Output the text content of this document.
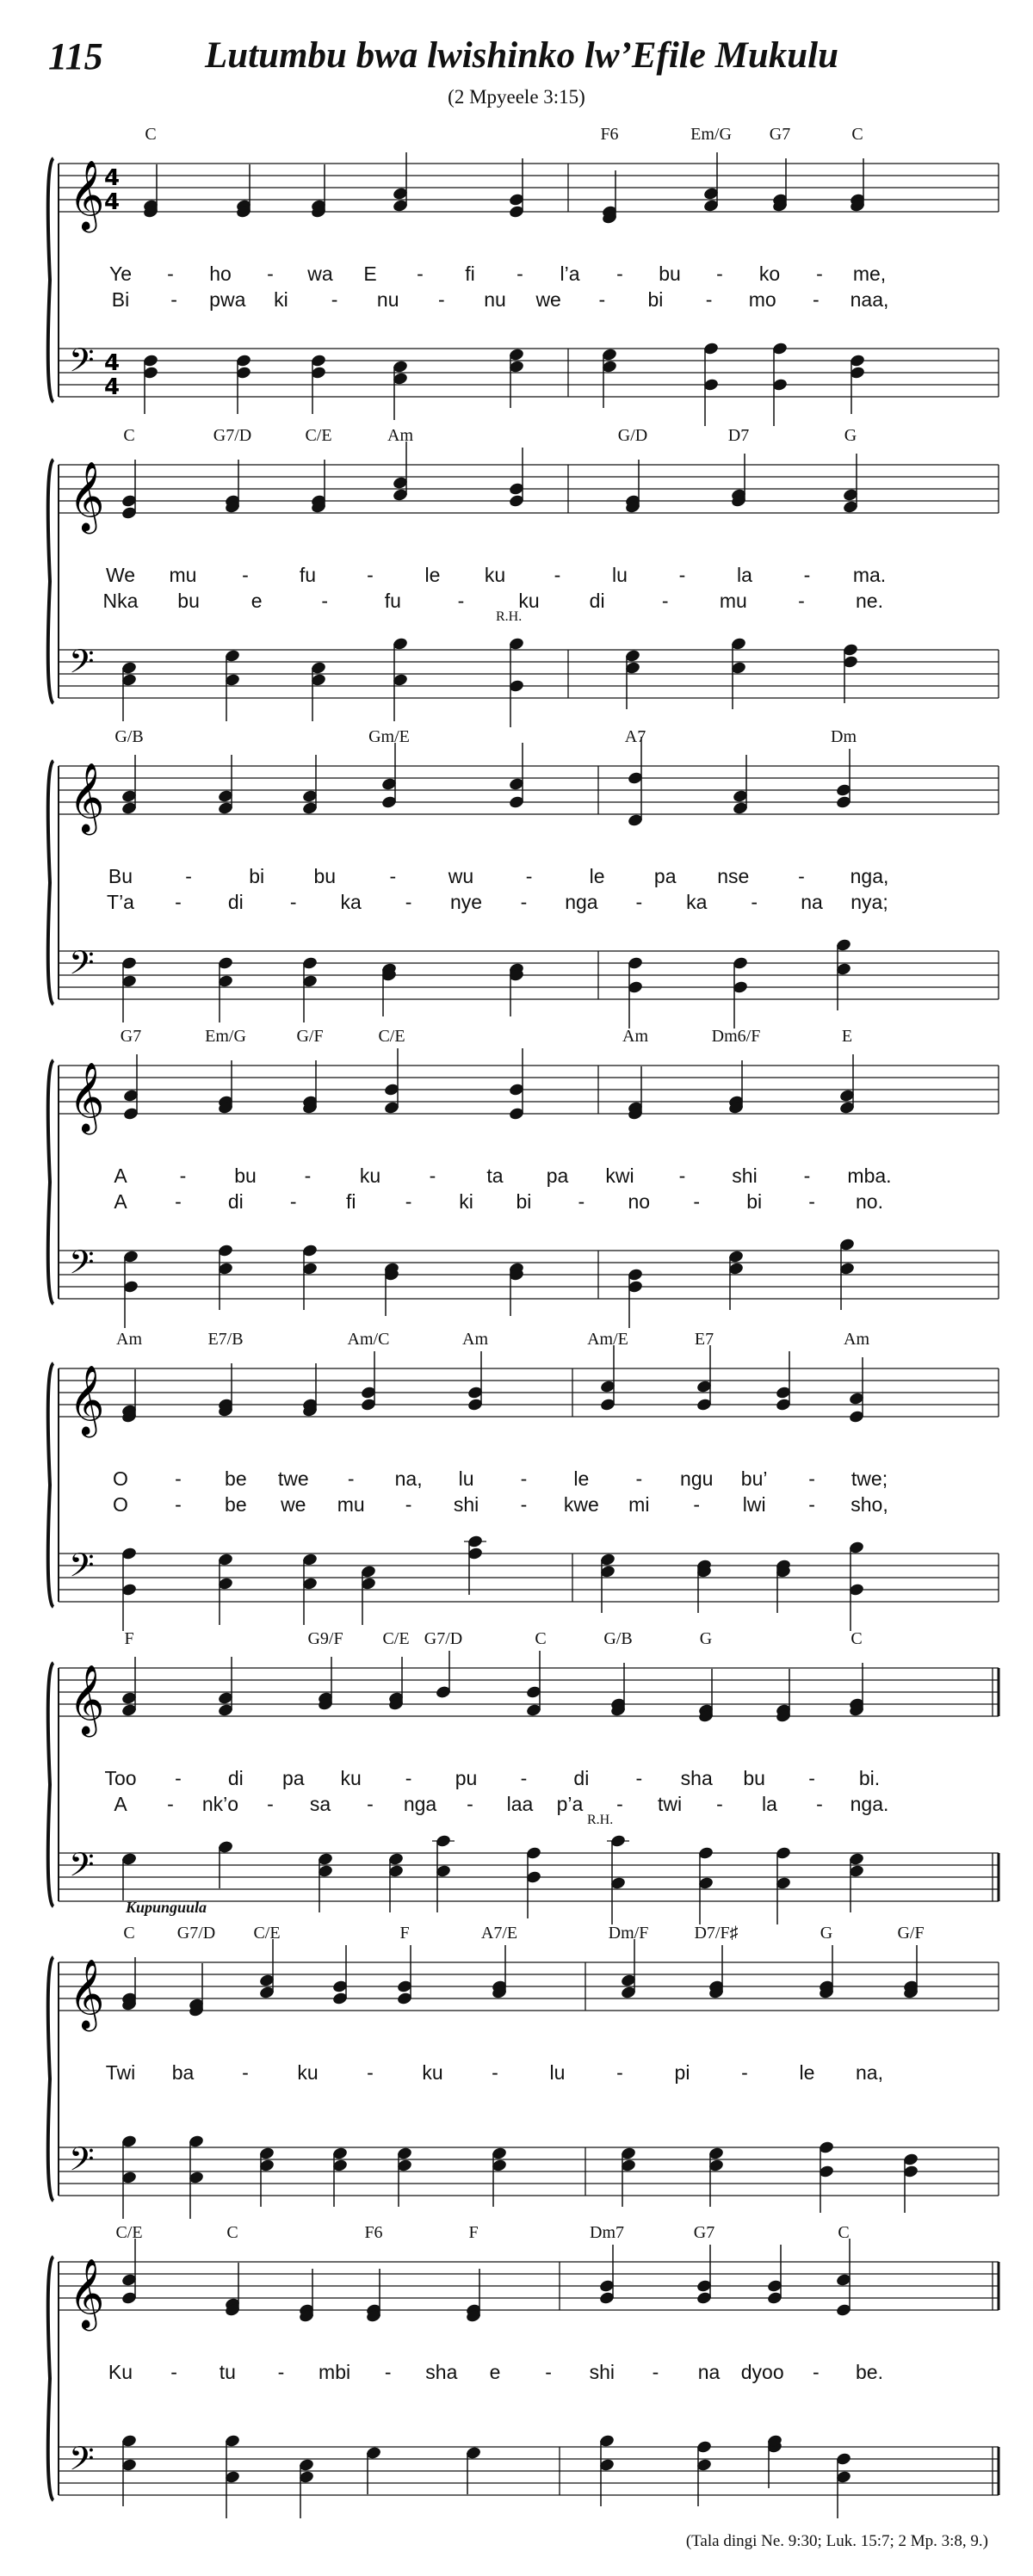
115	Lutumbu bwa lwishinko lw’Efile Mukulu
(2 Mpyeele 3:15)
𝄞
𝄢
4
4
4
4
C	F6	Em/G G7	C
Ye - ho - wa E - fi - l’a - bu - ko - me,
Bi - pwa ki - nu - nu we - bi - mo - naa,
𝄞
𝄢
C	G7/D	C/E	Am	G/D	D7	G
R.H.
We mu -	fu	-	le ku -	lu	-	la	- ma.
Nka bu	e	-	fu	-	ku	di	-	mu	-	ne.
𝄞
𝄢
G/B	Gm/E	A7	Dm
Bu	-	bi bu	-	wu	-	le pa nse - nga,
T’a - di - ka - nye - nga - ka - na nya;
𝄞
𝄢
G7	Em/G	G/F	C/E	Am	Dm6/F	E
A	- bu - ku -	ta pa kwi - shi - mba.
A - di - fi - ki bi - no - bi - no.
𝄞
𝄢
Am	E7/B	Am/C	Am	Am/E	E7	Am
O - be twe - na, lu - le - ngu bu’ - twe;
O - be we mu - shi - kwe mi - lwi - sho,
𝄞
𝄢
F	G9/F C/E G7/D	C	G/B	G	C
R.H.
Too - di pa ku - pu - di - sha bu - bi.
A - nk’o - sa - nga - laa p’a - twi - la - nga.
𝄞
𝄢
C G7/D C/E	F	A7/E	Dm/F	D7/F♯	G	G/F
Kupunguula
Twi ba - ku - ku -	lu	-	pi	-	le na,
𝄞
𝄢
C/E	C	F6	F	Dm7	G7	C
Ku - tu - mbi - sha e - shi - na dyoo - be.
(Tala dingi Ne. 9:30; Luk. 15:7; 2 Mp. 3:8, 9.)
